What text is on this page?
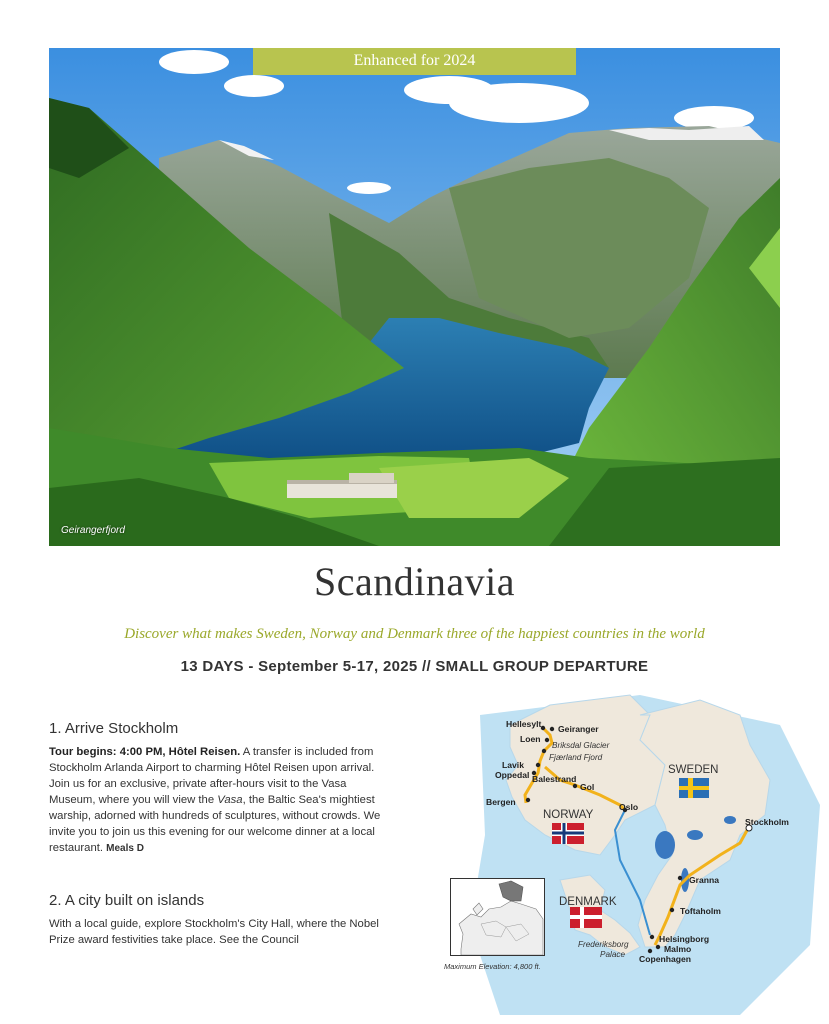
Enhanced for 2024
Geirangerfjord
Scandinavia
Discover what makes Sweden, Norway and Denmark three of the happiest countries in the world
13 DAYS - September 5-17, 2025 // SMALL GROUP DEPARTURE
1. Arrive Stockholm
Tour begins: 4:00 PM, Hôtel Reisen. A transfer is included from Stockholm Arlanda Airport to charming Hôtel Reisen upon arrival. Join us for an exclusive, private after-hours visit to the Vasa Museum, where you will view the Vasa, the Baltic Sea's mightiest warship, adorned with hundreds of sculptures, without crowds. We invite you to join us this evening for our welcome dinner at a local restaurant. Meals D
2. A city built on islands
With a local guide, explore Stockholm's City Hall, where the Nobel Prize award festivities take place. See the Council
SWEDEN
NORWAY
DENMARK
Hellesylt Geiranger
Loen
Briksdal Glacier
Fjærland Fjord
Lavik
Oppedal Balestrand
Gol
Bergen	Oslo
Stockholm
Granna
Toftaholm
Helsingborg
Malmo
Copenhagen
Frederiksborg
Palace
Maximum Elevation: 4,800 ft.
